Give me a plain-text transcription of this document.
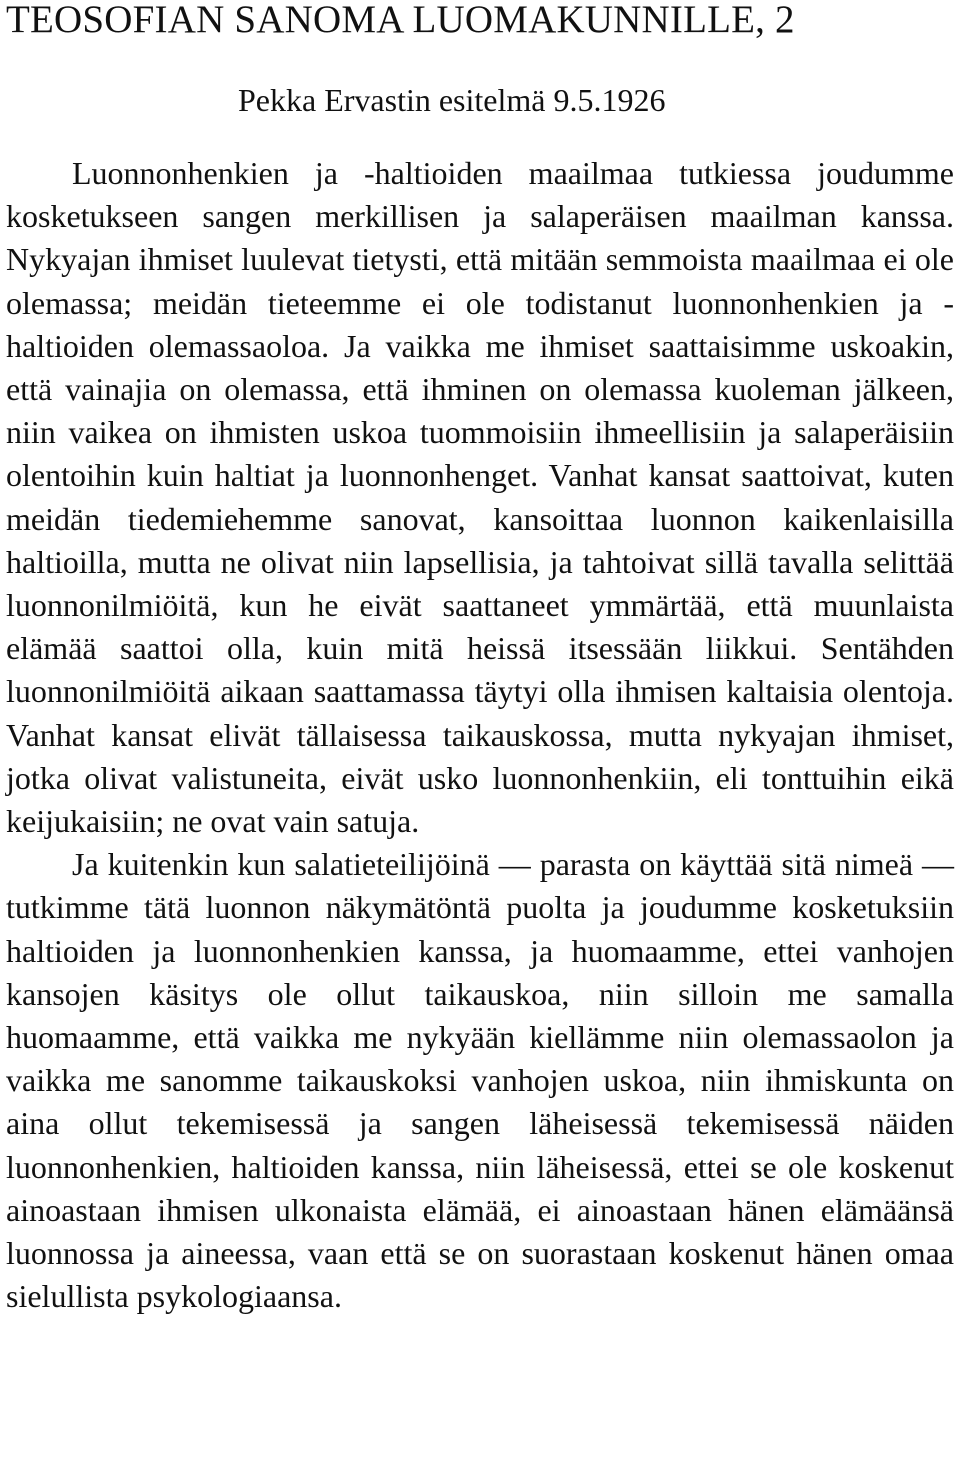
TEOSOFIAN SANOMA LUOMAKUNNILLE, 2
Pekka Ervastin esitelmä 9.5.1926

Luonnonhenkien ja -haltioiden maailmaa tutkiessa joudumme kosketukseen sangen merkillisen ja salaperäisen maailman kanssa. Nykyajan ihmiset luulevat tietysti, että mitään semmoista maailmaa ei ole olemassa; meidän tieteemme ei ole todistanut luonnonhenkien ja -haltioiden olemassaoloa. Ja vaikka me ihmiset saattaisimme uskoakin, että vainajia on olemassa, että ihminen on olemassa kuoleman jälkeen, niin vaikea on ihmisten uskoa tuommoisiin ihmeellisiin ja salaperäisiin olentoihin kuin haltiat ja luonnonhenget. Vanhat kansat saattoivat, kuten meidän tiedemiehemme sanovat, kansoittaa luonnon kaikenlaisilla haltioilla, mutta ne olivat niin lapsellisia, ja tahtoivat sillä tavalla selittää luonnonilmiöitä, kun he eivät saattaneet ymmärtää, että muunlaista elämää saattoi olla, kuin mitä heissä itsessään liikkui. Sentähden luonnonilmiöitä aikaan saattamassa täytyi olla ihmisen kaltaisia olentoja. Vanhat kansat elivät tällaisessa taikauskossa, mutta nykyajan ihmiset, jotka olivat valistuneita, eivät usko luonnonhenkiin, eli tonttuihin eikä keijukaisiin; ne ovat vain satuja.

Ja kuitenkin kun salatieteilijöinä — parasta on käyttää sitä nimeä — tutkimme tätä luonnon näkymätöntä puolta ja joudumme kosketuksiin haltioiden ja luonnonhenkien kanssa, ja huomaamme, ettei vanhojen kansojen käsitys ole ollut taikauskoa, niin silloin me samalla huomaamme, että vaikka me nykyään kiellämme niin olemassaolon ja vaikka me sanomme taikauskoksi vanhojen uskoa, niin ihmiskunta on aina ollut tekemisessä ja sangen läheisessä tekemisessä näiden luonnonhenkien, haltioiden kanssa, niin läheisessä, ettei se ole koskenut ainoastaan ihmisen ulkonaista elämää, ei ainoastaan hänen elämäänsä luonnossa ja aineessa, vaan että se on suorastaan koskenut hänen omaa sielullista psykologiaansa.
